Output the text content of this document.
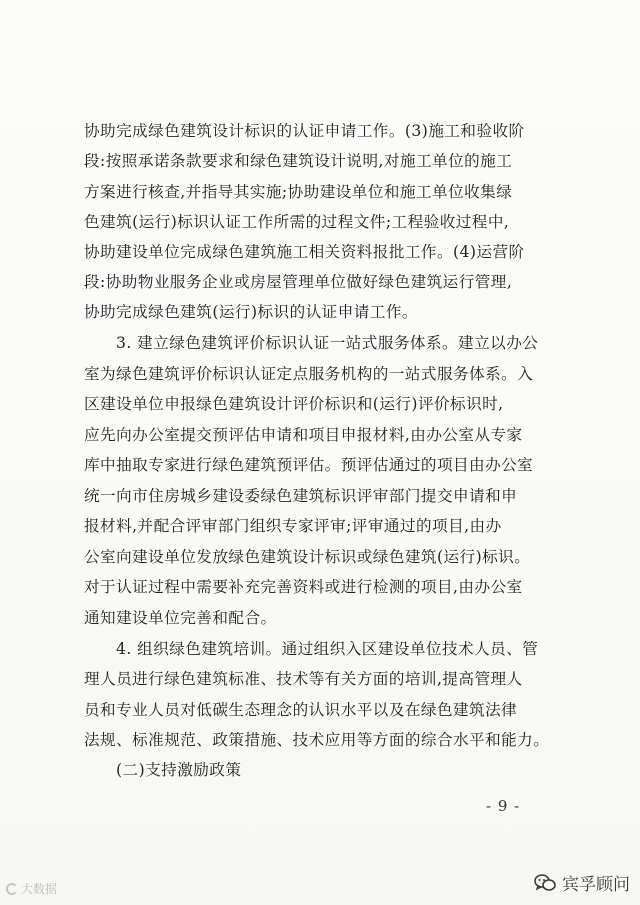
协助完成绿色建筑设计标识的认证申请工作。(3)施工和验收阶
段:按照承诺条款要求和绿色建筑设计说明,对施工单位的施工
方案进行核查,并指导其实施;协助建设单位和施工单位收集绿
色建筑(运行)标识认证工作所需的过程文件;工程验收过程中,
协助建设单位完成绿色建筑施工相关资料报批工作。(4)运营阶
段:协助物业服务企业或房屋管理单位做好绿色建筑运行管理,
协助完成绿色建筑(运行)标识的认证申请工作。
3. 建立绿色建筑评价标识认证一站式服务体系。建立以办公
室为绿色建筑评价标识认证定点服务机构的一站式服务体系。入
区建设单位申报绿色建筑设计评价标识和(运行)评价标识时,
应先向办公室提交预评估申请和项目申报材料,由办公室从专家
库中抽取专家进行绿色建筑预评估。预评估通过的项目由办公室
统一向市住房城乡建设委绿色建筑标识评审部门提交申请和申
报材料,并配合评审部门组织专家评审;评审通过的项目,由办
公室向建设单位发放绿色建筑设计标识或绿色建筑(运行)标识。
对于认证过程中需要补充完善资料或进行检测的项目,由办公室
通知建设单位完善和配合。
4. 组织绿色建筑培训。通过组织入区建设单位技术人员、管
理人员进行绿色建筑标准、技术等有关方面的培训,提高管理人
员和专业人员对低碳生态理念的认识水平以及在绿色建筑法律
法规、标准规范、政策措施、技术应用等方面的综合水平和能力。
(二)支持激励政策
- 9 -
大数据	宾孚顾问
